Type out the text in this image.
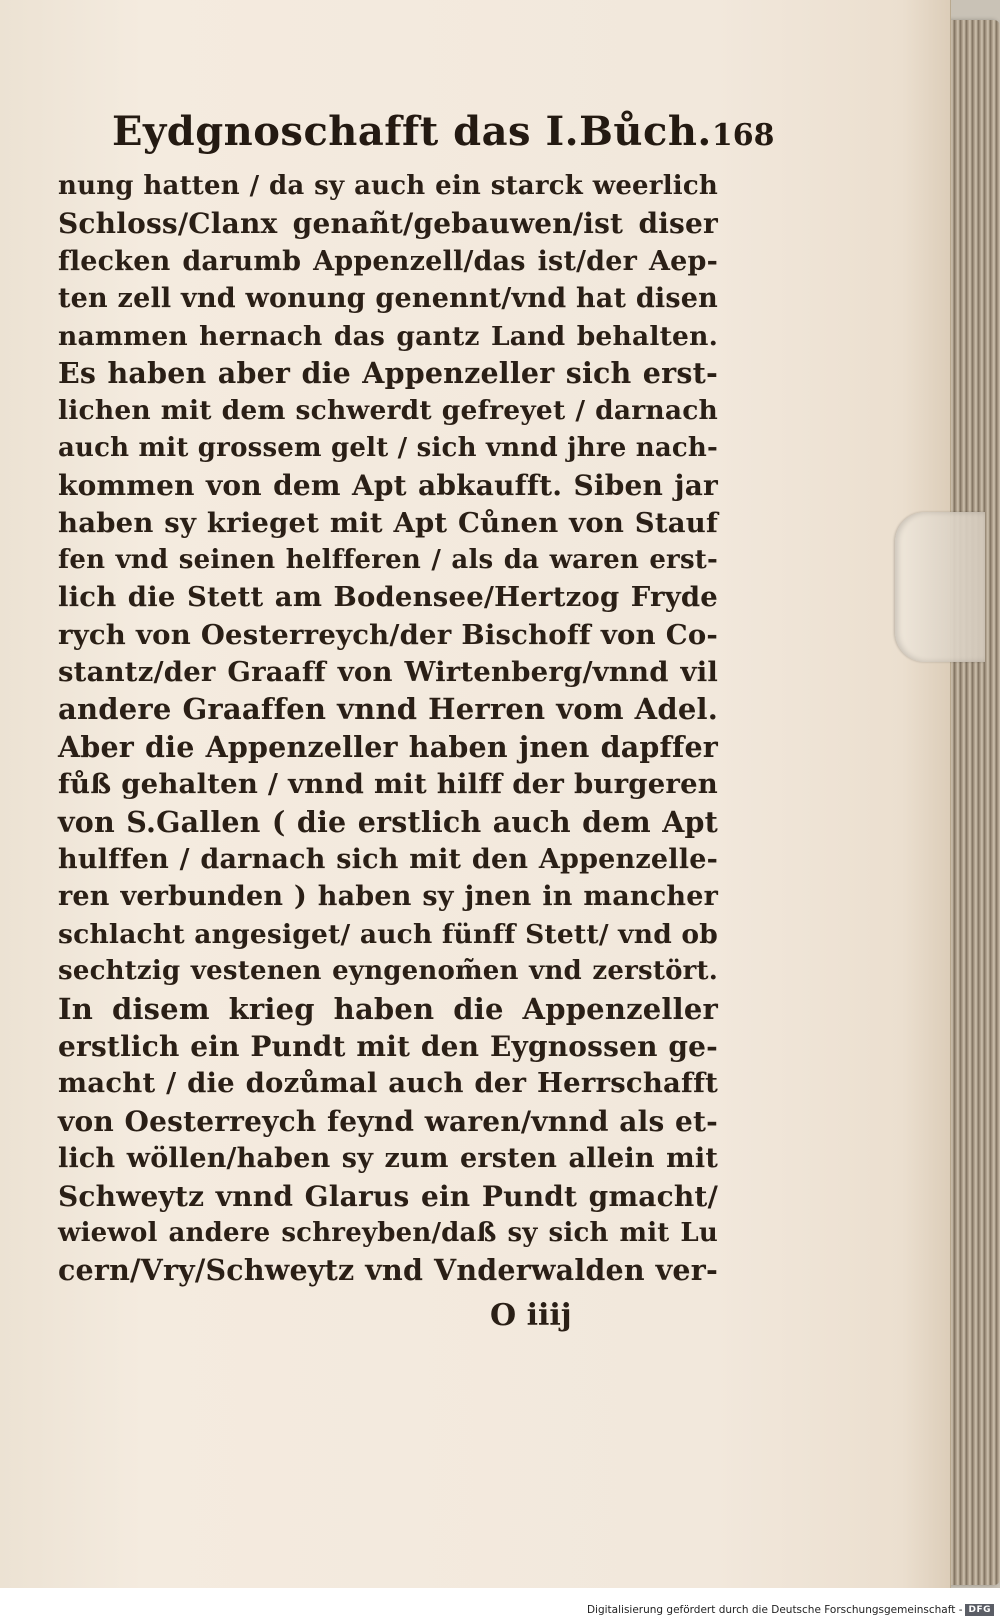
Eydgnoschafft das I.Bůch. 168
nung hatten / da sy auch ein starck weerlich
Schloss/Clanx genañt/gebauwen/ist diser
flecken darumb Appenzell/das ist/der Aep-
ten zell vnd wonung genennt/vnd hat disen
nammen hernach das gantz Land behalten.
Es haben aber die Appenzeller sich erst-
lichen mit dem schwerdt gefreyet / darnach
auch mit grossem gelt / sich vnnd jhre nach-
kommen von dem Apt abkaufft. Siben jar
haben sy krieget mit Apt Cůnen von Stauf
fen vnd seinen helfferen / als da waren erst-
lich die Stett am Bodensee/Hertzog Fryde
rych von Oesterreych/der Bischoff von Co-
stantz/der Graaff von Wirtenberg/vnnd vil
andere Graaffen vnnd Herren vom Adel.
Aber die Appenzeller haben jnen dapffer
fůß gehalten / vnnd mit hilff der burgeren
von S.Gallen ( die erstlich auch dem Apt
hulffen / darnach sich mit den Appenzelle-
ren verbunden ) haben sy jnen in mancher
schlacht angesiget/ auch fünff Stett/ vnd ob
sechtzig vestenen eyngenom̃en vnd zerstört.
In disem krieg haben die Appenzeller
erstlich ein Pundt mit den Eygnossen ge-
macht / die dozůmal auch der Herrschafft
von Oesterreych feynd waren/vnnd als et-
lich wöllen/haben sy zum ersten allein mit
Schweytz vnnd Glarus ein Pundt gmacht/
wiewol andere schreyben/daß sy sich mit Lu
cern/Vry/Schweytz vnd Vnderwalden ver-
O iiij
Digitalisierung gefördert durch die Deutsche Forschungsgemeinschaft - DFG
